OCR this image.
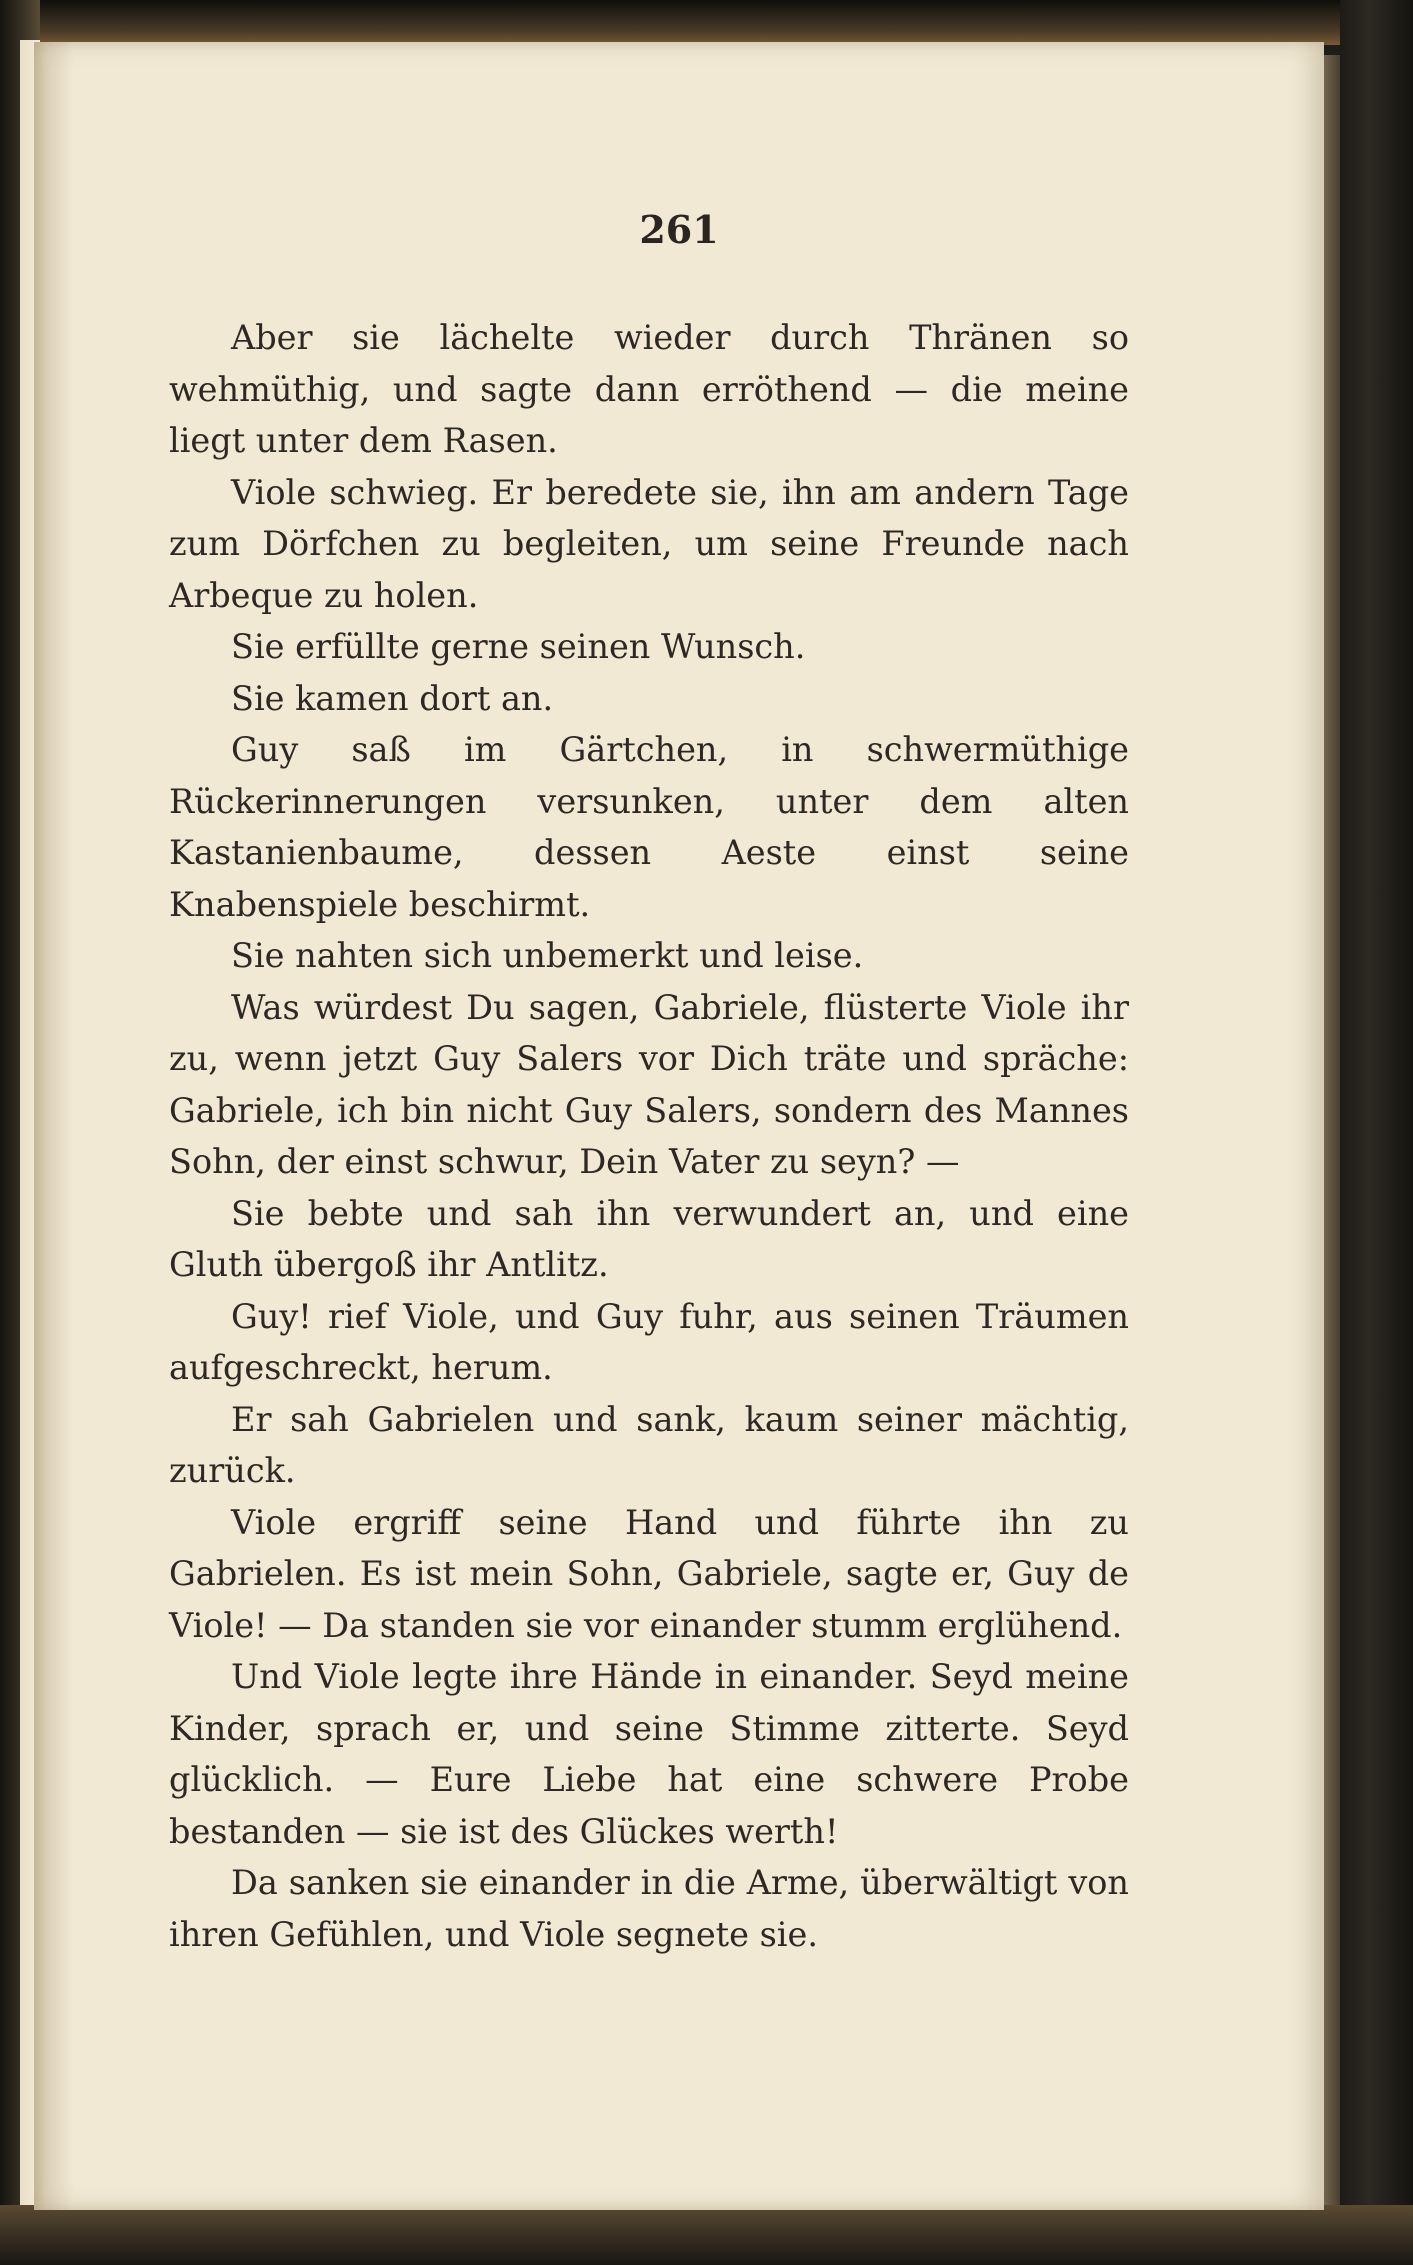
261

Aber sie lächelte wieder durch Thränen so wehmüthig, und sagte dann erröthend — die meine liegt unter dem Rasen.

Viole schwieg. Er beredete sie, ihn am andern Tage zum Dörfchen zu begleiten, um seine Freunde nach Arbeque zu holen.

Sie erfüllte gerne seinen Wunsch.

Sie kamen dort an.

Guy saß im Gärtchen, in schwermüthige Rückerinnerungen versunken, unter dem alten Kastanienbaume, dessen Aeste einst seine Knabenspiele beschirmt.

Sie nahten sich unbemerkt und leise.

Was würdest Du sagen, Gabriele, flüsterte Viole ihr zu, wenn jetzt Guy Salers vor Dich träte und spräche: Gabriele, ich bin nicht Guy Salers, sondern des Mannes Sohn, der einst schwur, Dein Vater zu seyn? —

Sie bebte und sah ihn verwundert an, und eine Gluth übergoß ihr Antlitz.

Guy! rief Viole, und Guy fuhr, aus seinen Träumen aufgeschreckt, herum.

Er sah Gabrielen und sank, kaum seiner mächtig, zurück.

Viole ergriff seine Hand und führte ihn zu Gabrielen. Es ist mein Sohn, Gabriele, sagte er, Guy de Viole! — Da standen sie vor einander stumm erglühend.

Und Viole legte ihre Hände in einander. Seyd meine Kinder, sprach er, und seine Stimme zitterte. Seyd glücklich. — Eure Liebe hat eine schwere Probe bestanden — sie ist des Glückes werth!

Da sanken sie einander in die Arme, überwältigt von ihren Gefühlen, und Viole segnete sie.
